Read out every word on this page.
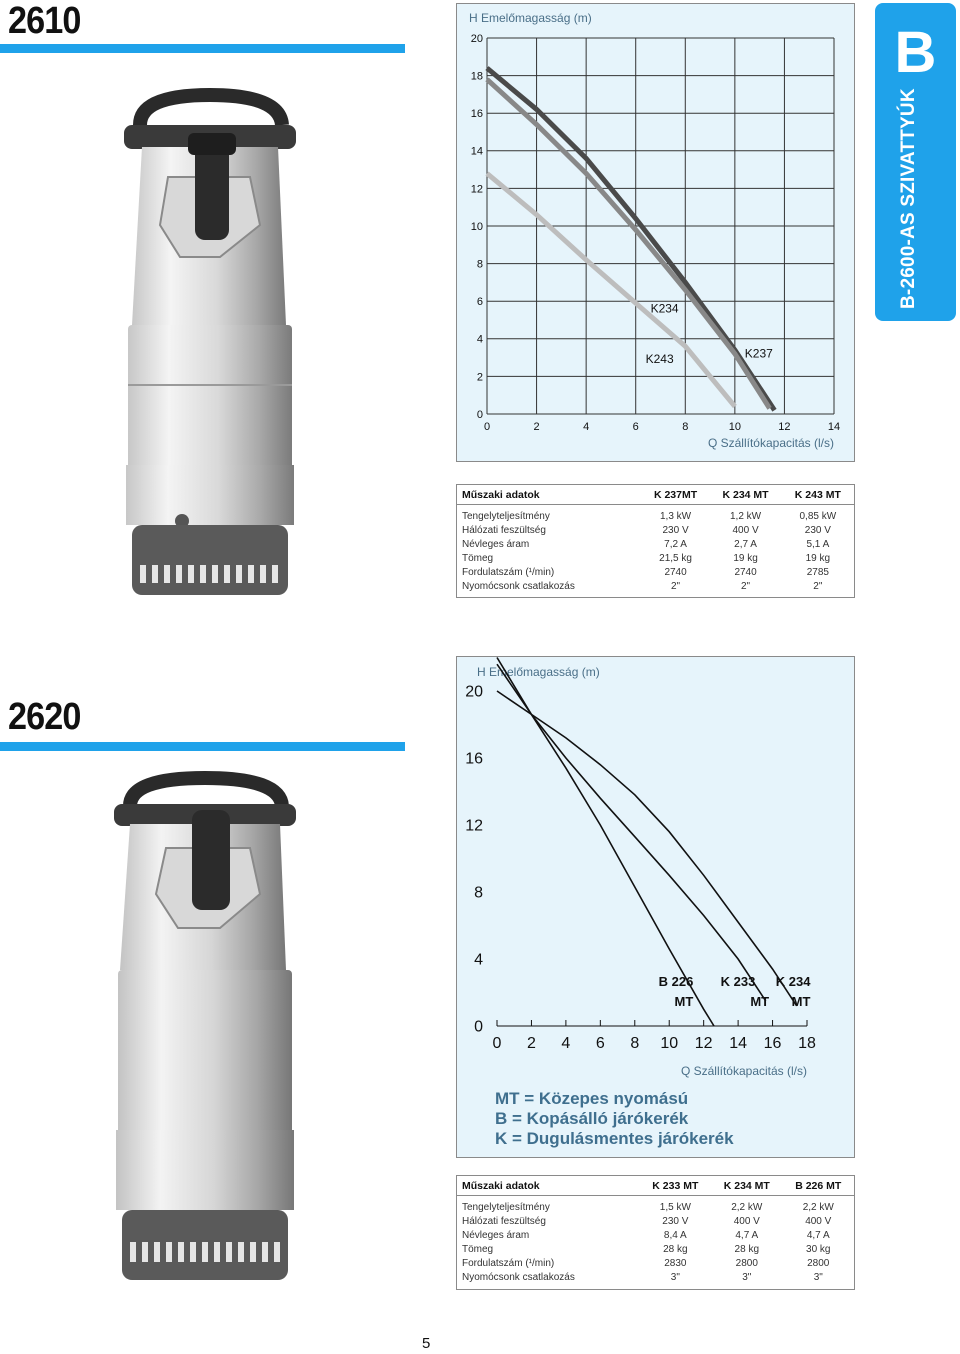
2610	H Emelőmagasság (m)
0	2	4	6	8	10	12	14
0
2
4
6
8
10
12
14
16
18
20
Q Szállítókapacitás (l/s)
K234
K243	K237
Műszaki adatok	K 237MT	K 234 MT	K 243 MT
Tengelyteljesítmény	1,3 kW	1,2 kW	0,85 kW
Hálózati feszültség	230 V	400 V	230 V
Névleges áram	7,2 A	2,7 A	5,1 A
Tömeg	21,5 kg	19 kg	19 kg
Fordulatszám (¹/min)	2740	2740	2785
Nyomócsonk csatlakozás	2"	2"	2"
B
B-2600-AS SZIVATTYÚK
2620
H Emelőmagasság (m)
0 2 4 6 8 10 12 14 16 18
0
4
8
12
16
20
Q Szállítókapacitás (l/s)
B 226
MT
K 233
MT
K 234
MT
MT = Közepes nyomású
B = Kopásálló járókerék
K = Dugulásmentes járókerék
Műszaki adatok	K 233 MT	K 234 MT	B 226 MT
Tengelyteljesítmény	1,5 kW	2,2 kW	2,2 kW
Hálózati feszültség	230 V	400 V	400 V
Névleges áram	8,4 A	4,7 A	4,7 A
Tömeg	28 kg	28 kg	30 kg
Fordulatszám (¹/min)	2830	2800	2800
Nyomócsonk csatlakozás	3"	3"	3"
5
